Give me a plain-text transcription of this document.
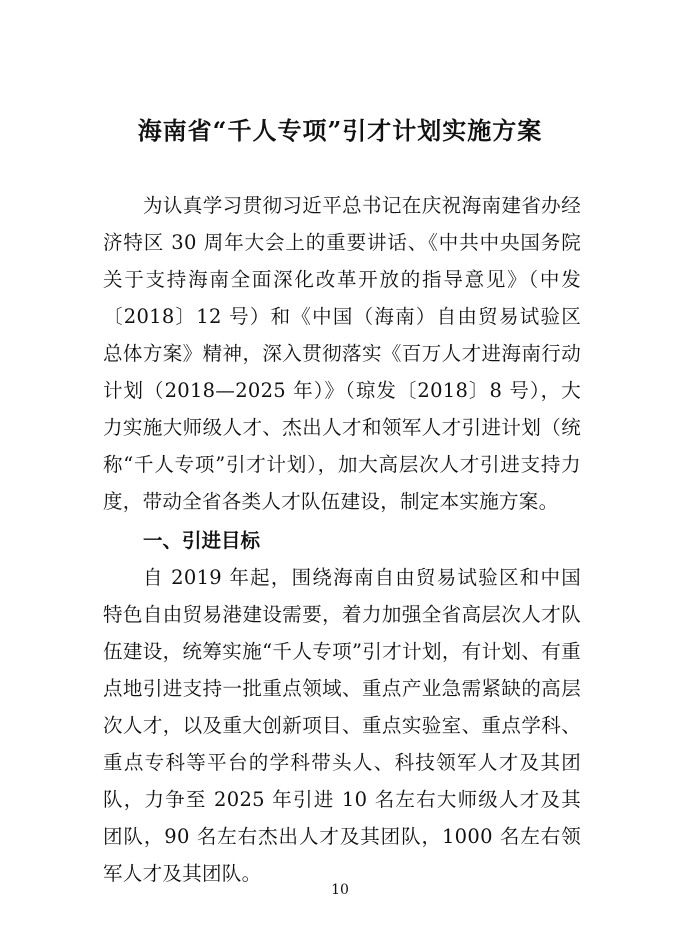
海南省“千人专项”引才计划实施方案
为认真学习贯彻习近平总书记在庆祝海南建省办经济特区 30 周年大会上的重要讲话、《中共中央国务院关于支持海南全面深化改革开放的指导意见》（中发〔2018〕12 号）和《中国（海南）自由贸易试验区总体方案》精神，深入贯彻落实《百万人才进海南行动计划（2018—2025 年）》（琼发〔2018〕8 号），大力实施大师级人才、杰出人才和领军人才引进计划（统称“千人专项”引才计划），加大高层次人才引进支持力度，带动全省各类人才队伍建设，制定本实施方案。
一、引进目标
自 2019 年起，围绕海南自由贸易试验区和中国特色自由贸易港建设需要，着力加强全省高层次人才队伍建设，统筹实施“千人专项”引才计划，有计划、有重点地引进支持一批重点领域、重点产业急需紧缺的高层次人才，以及重大创新项目、重点实验室、重点学科、重点专科等平台的学科带头人、科技领军人才及其团队，力争至 2025 年引进 10 名左右大师级人才及其团队，90 名左右杰出人才及其团队，1000 名左右领军人才及其团队。
10
